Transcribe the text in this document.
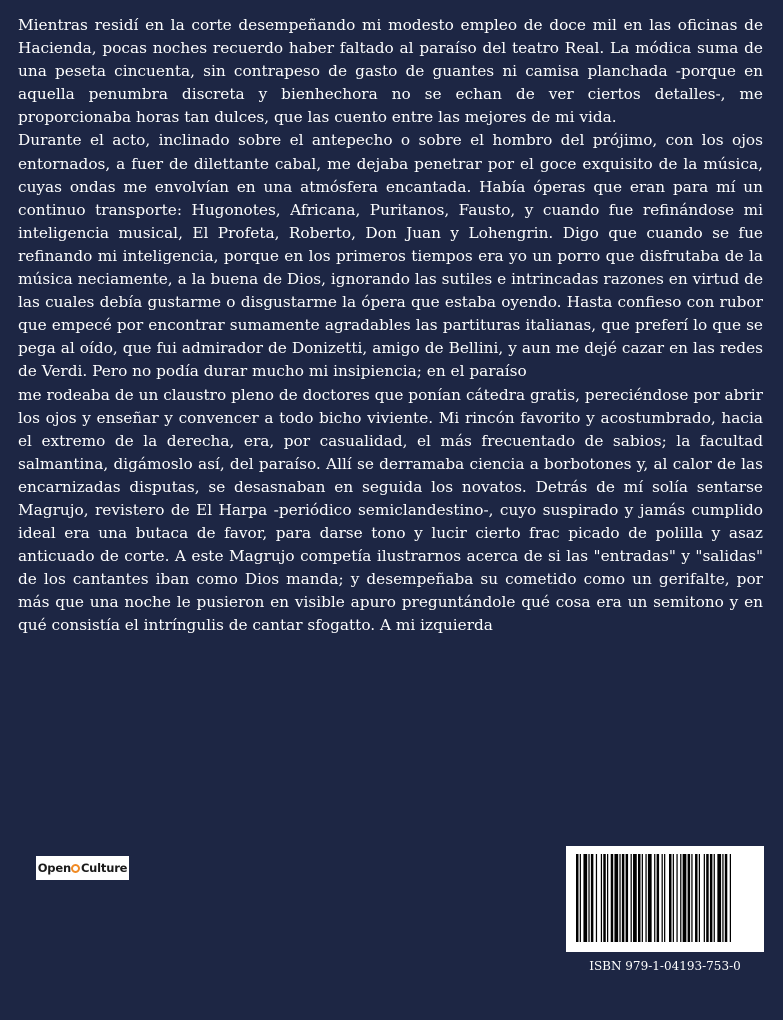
Mientras residí en la corte desempeñando mi modesto empleo de doce mil en las oficinas de Hacienda, pocas noches recuerdo haber faltado al paraíso del teatro Real. La módica suma de una peseta cincuenta, sin contrapeso de gasto de guantes ni camisa planchada -porque en aquella penumbra discreta y bienhechora no se echan de ver ciertos detalles-, me proporcionaba horas tan dulces, que las cuento entre las mejores de mi vida.

Durante el acto, inclinado sobre el antepecho o sobre el hombro del prójimo, con los ojos entornados, a fuer de dilettante cabal, me dejaba penetrar por el goce exquisito de la música, cuyas ondas me envolvían en una atmósfera encantada. Había óperas que eran para mí un continuo transporte: Hugonotes, Africana, Puritanos, Fausto, y cuando fue refinándose mi inteligencia musical, El Profeta, Roberto, Don Juan y Lohengrin. Digo que cuando se fue refinando mi inteligencia, porque en los primeros tiempos era yo un porro que disfrutaba de la música neciamente, a la buena de Dios, ignorando las sutiles e intrincadas razones en virtud de las cuales debía gustarme o disgustarme la ópera que estaba oyendo. Hasta confieso con rubor que empecé por encontrar sumamente agradables las partituras italianas, que preferí lo que se pega al oído, que fui admirador de Donizetti, amigo de Bellini, y aun me dejé cazar en las redes de Verdi. Pero no podía durar mucho mi insipiencia; en el paraíso

me rodeaba de un claustro pleno de doctores que ponían cátedra gratis, pereciéndose por abrir los ojos y enseñar y convencer a todo bicho viviente. Mi rincón favorito y acostumbrado, hacia el extremo de la derecha, era, por casualidad, el más frecuentado de sabios; la facultad salmantina, digámoslo así, del paraíso. Allí se derramaba ciencia a borbotones y, al calor de las encarnizadas disputas, se desasnaban en seguida los novatos. Detrás de mí solía sentarse Magrujo, revistero de El Harpa -periódico semiclandestino-, cuyo suspirado y jamás cumplido ideal era una butaca de favor, para darse tono y lucir cierto frac picado de polilla y asaz anticuado de corte. A este Magrujo competía ilustrarnos acerca de si las "entradas" y "salidas" de los cantantes iban como Dios manda; y desempeñaba su cometido como un gerifalte, por más que una noche le pusieron en visible apuro preguntándole qué cosa era un semitono y en qué consistía el intríngulis de cantar sfogatto. A mi izquierda

Open Culture
ISBN 979-1-04193-753-0
